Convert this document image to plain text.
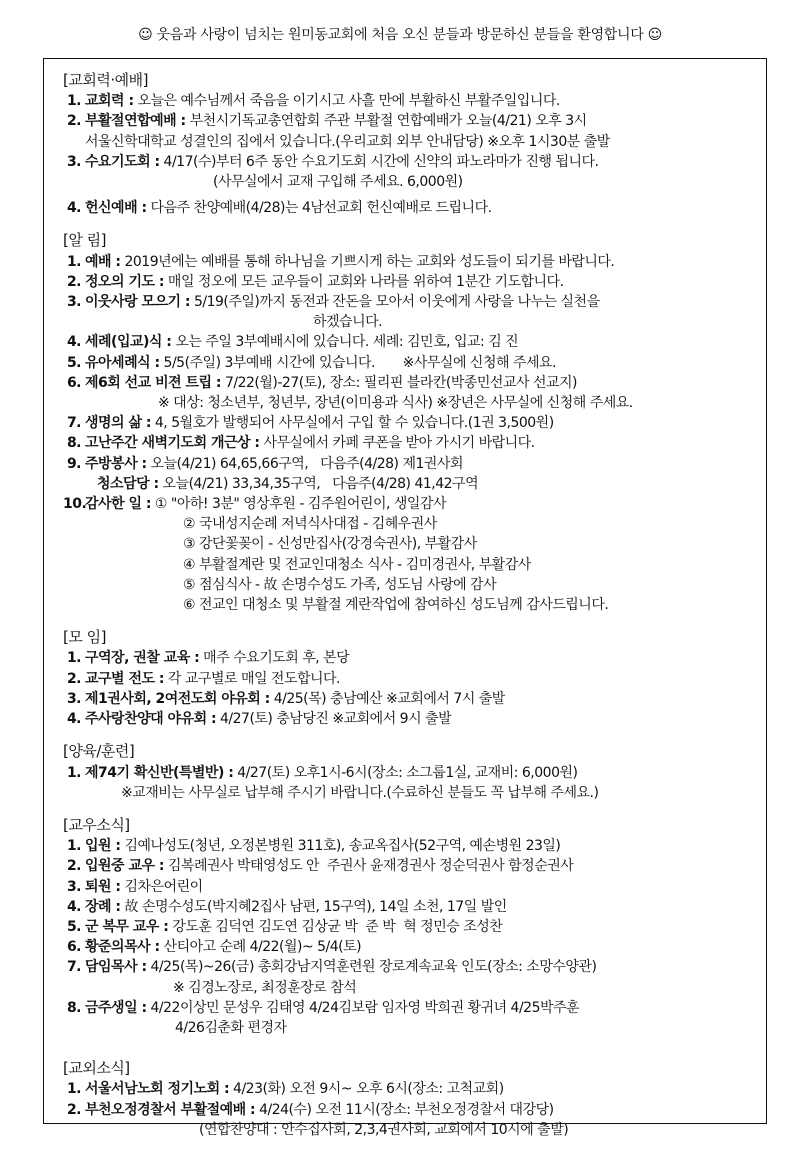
☺ 웃음과 사랑이 넘치는 원미동교회에 처음 오신 분들과 방문하신 분들을 환영합니다 ☺
[교회력·예배]
1. 교회력 : 오늘은 예수님께서 죽음을 이기시고 사흘 만에 부활하신 부활주일입니다.
2. 부활절연합예배 : 부천시기독교총연합회 주관 부활절 연합예배가 오늘(4/21) 오후 3시
서울신학대학교 성결인의 집에서 있습니다.(우리교회 외부 안내담당) ※오후 1시30분 출발
3. 수요기도회 : 4/17(수)부터 6주 동안 수요기도회 시간에 신약의 파노라마가 진행 됩니다.
(사무실에서 교재 구입해 주세요. 6,000원)
4. 헌신예배 : 다음주 찬양예배(4/28)는 4남선교회 헌신예배로 드립니다.
[알 림]
1. 예배 : 2019년에는 예배를 통해 하나님을 기쁘시게 하는 교회와 성도들이 되기를 바랍니다.
2. 정오의 기도 : 매일 정오에 모든 교우들이 교회와 나라를 위하여 1분간 기도합니다.
3. 이웃사랑 모으기 : 5/19(주일)까지 동전과 잔돈을 모아서 이웃에게 사랑을 나누는 실천을
하겠습니다.
4. 세례(입교)식 : 오는 주일 3부예배시에 있습니다. 세례: 김민호, 입교: 김 진
5. 유아세례식 : 5/5(주일) 3부예배 시간에 있습니다.       ※사무실에 신청해 주세요.
6. 제6회 선교 비젼 트립 : 7/22(월)-27(토), 장소: 필리핀 블라칸(박종민선교사 선교지)
※ 대상: 청소년부, 청년부, 장년(이미용과 식사) ※장년은 사무실에 신청해 주세요.
7. 생명의 삶 : 4, 5월호가 발행되어 사무실에서 구입 할 수 있습니다.(1권 3,500원)
8. 고난주간 새벽기도회 개근상 : 사무실에서 카페 쿠폰을 받아 가시기 바랍니다.
9. 주방봉사 : 오늘(4/21) 64,65,66구역,   다음주(4/28) 제1권사회
청소담당 : 오늘(4/21) 33,34,35구역,   다음주(4/28) 41,42구역
10.
감사한 일 : ① "아하! 3분" 영상후원 - 김주원어린이, 생일감사
② 국내성지순례 저녁식사대접 - 김혜우권사
③ 강단꽃꽂이 - 신성만집사(강경숙권사), 부활감사
④ 부활절계란 및 전교인대청소 식사 - 김미경권사, 부활감사
⑤ 점심식사 - 故 손명수성도 가족, 성도님 사랑에 감사
⑥ 전교인 대청소 및 부활절 계란작업에 참여하신 성도님께 감사드립니다.
[모 임]
1. 구역장, 권찰 교육 : 매주 수요기도회 후, 본당
2. 교구별 전도 : 각 교구별로 매일 전도합니다.
3. 제1권사회, 2여전도회 야유회 : 4/25(목) 충남예산 ※교회에서 7시 출발
4. 주사랑찬양대 야유회 : 4/27(토) 충남당진 ※교회에서 9시 출발
[양육/훈련]
1. 제74기 확신반(특별반) : 4/27(토) 오후1시-6시(장소: 소그룹1실, 교재비: 6,000원)
※교재비는 사무실로 납부해 주시기 바랍니다.(수료하신 분들도 꼭 납부해 주세요.)
[교우소식]
1. 입원 : 김예나성도(청년, 오정본병원 311호), 송교옥집사(52구역, 예손병원 23일)
2. 입원중 교우 : 김복례권사 박태영성도 안  주권사 윤재경권사 정순덕권사 함정순권사
3. 퇴원 : 김차은어린이
4. 장례 : 故 손명수성도(박지혜2집사 남편, 15구역), 14일 소천, 17일 발인
5. 군 복무 교우 : 강도훈 김덕연 김도연 김상균 박  준 박  혁 정민승 조성찬
6. 황준의목사 : 산티아고 순례 4/22(월)~ 5/4(토)
7. 담임목사 : 4/25(목)~26(금) 총회강남지역훈련원 장로계속교육 인도(장소: 소망수양관)
※ 김경노장로, 최정훈장로 참석
8. 금주생일 : 4/22이상민 문성우 김태영 4/24김보람 임자영 박희권 황귀녀 4/25박주훈
4/26김춘화 편경자
[교외소식]
1. 서울서남노회 정기노회 : 4/23(화) 오전 9시~ 오후 6시(장소: 고척교회)
2. 부천오정경찰서 부활절예배 : 4/24(수) 오전 11시(장소: 부천오정경찰서 대강당)
(연합찬양대 : 안수집사회, 2,3,4권사회, 교회에서 10시에 출발)
